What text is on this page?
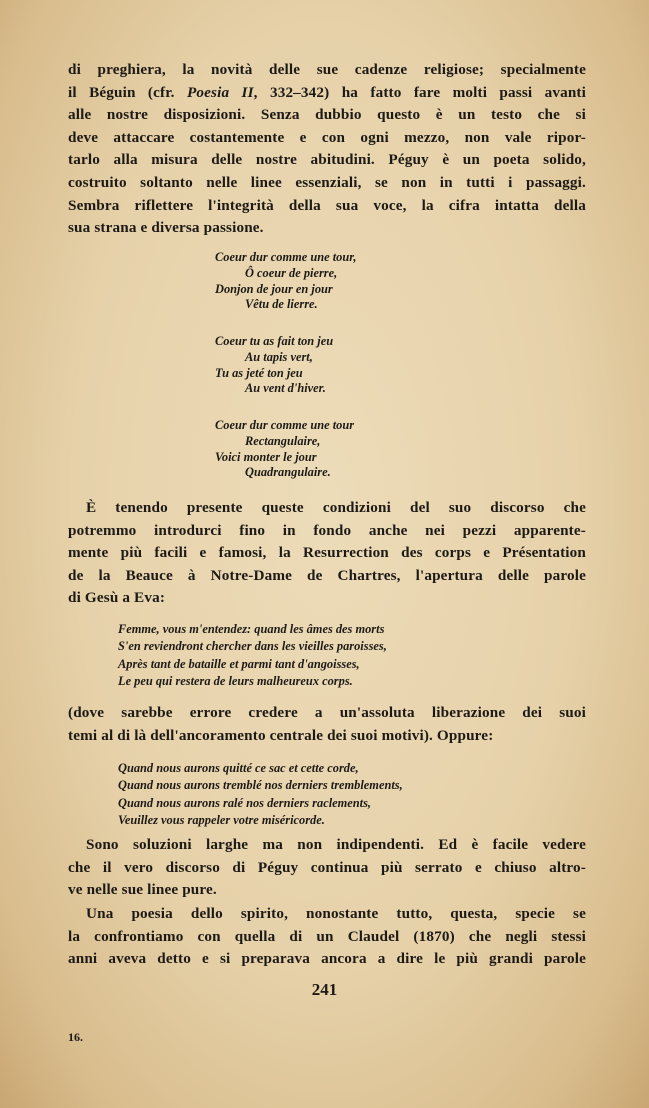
di preghiera, la novità delle sue cadenze religiose; specialmente
il Béguin (cfr. Poesia II, 332–342) ha fatto fare molti passi avanti
alle nostre disposizioni. Senza dubbio questo è un testo che si
deve attaccare costantemente e con ogni mezzo, non vale ripor-
tarlo alla misura delle nostre abitudini. Péguy è un poeta solido,
costruito soltanto nelle linee essenziali, se non in tutti i passaggi.
Sembra riflettere l'integrità della sua voce, la cifra intatta della
sua strana e diversa passione.
Coeur dur comme une tour,
Ô coeur de pierre,
Donjon de jour en jour
Vêtu de lierre.
Coeur tu as fait ton jeu
Au tapis vert,
Tu as jeté ton jeu
Au vent d'hiver.
Coeur dur comme une tour
Rectangulaire,
Voici monter le jour
Quadrangulaire.
È tenendo presente queste condizioni del suo discorso che
potremmo introdurci fino in fondo anche nei pezzi apparente-
mente più facili e famosi, la Resurrection des corps e Présentation
de la Beauce à Notre-Dame de Chartres, l'apertura delle parole
di Gesù a Eva:
Femme, vous m'entendez: quand les âmes des morts
S'en reviendront chercher dans les vieilles paroisses,
Après tant de bataille et parmi tant d'angoisses,
Le peu qui restera de leurs malheureux corps.
(dove sarebbe errore credere a un'assoluta liberazione dei suoi
temi al di là dell'ancoramento centrale dei suoi motivi). Oppure:
Quand nous aurons quitté ce sac et cette corde,
Quand nous aurons tremblé nos derniers tremblements,
Quand nous aurons ralé nos derniers raclements,
Veuillez vous rappeler votre miséricorde.
Sono soluzioni larghe ma non indipendenti. Ed è facile vedere
che il vero discorso di Péguy continua più serrato e chiuso altro-
ve nelle sue linee pure.
Una poesia dello spirito, nonostante tutto, questa, specie se
la confrontiamo con quella di un Claudel (1870) che negli stessi
anni aveva detto e si preparava ancora a dire le più grandi parole
241
16.
